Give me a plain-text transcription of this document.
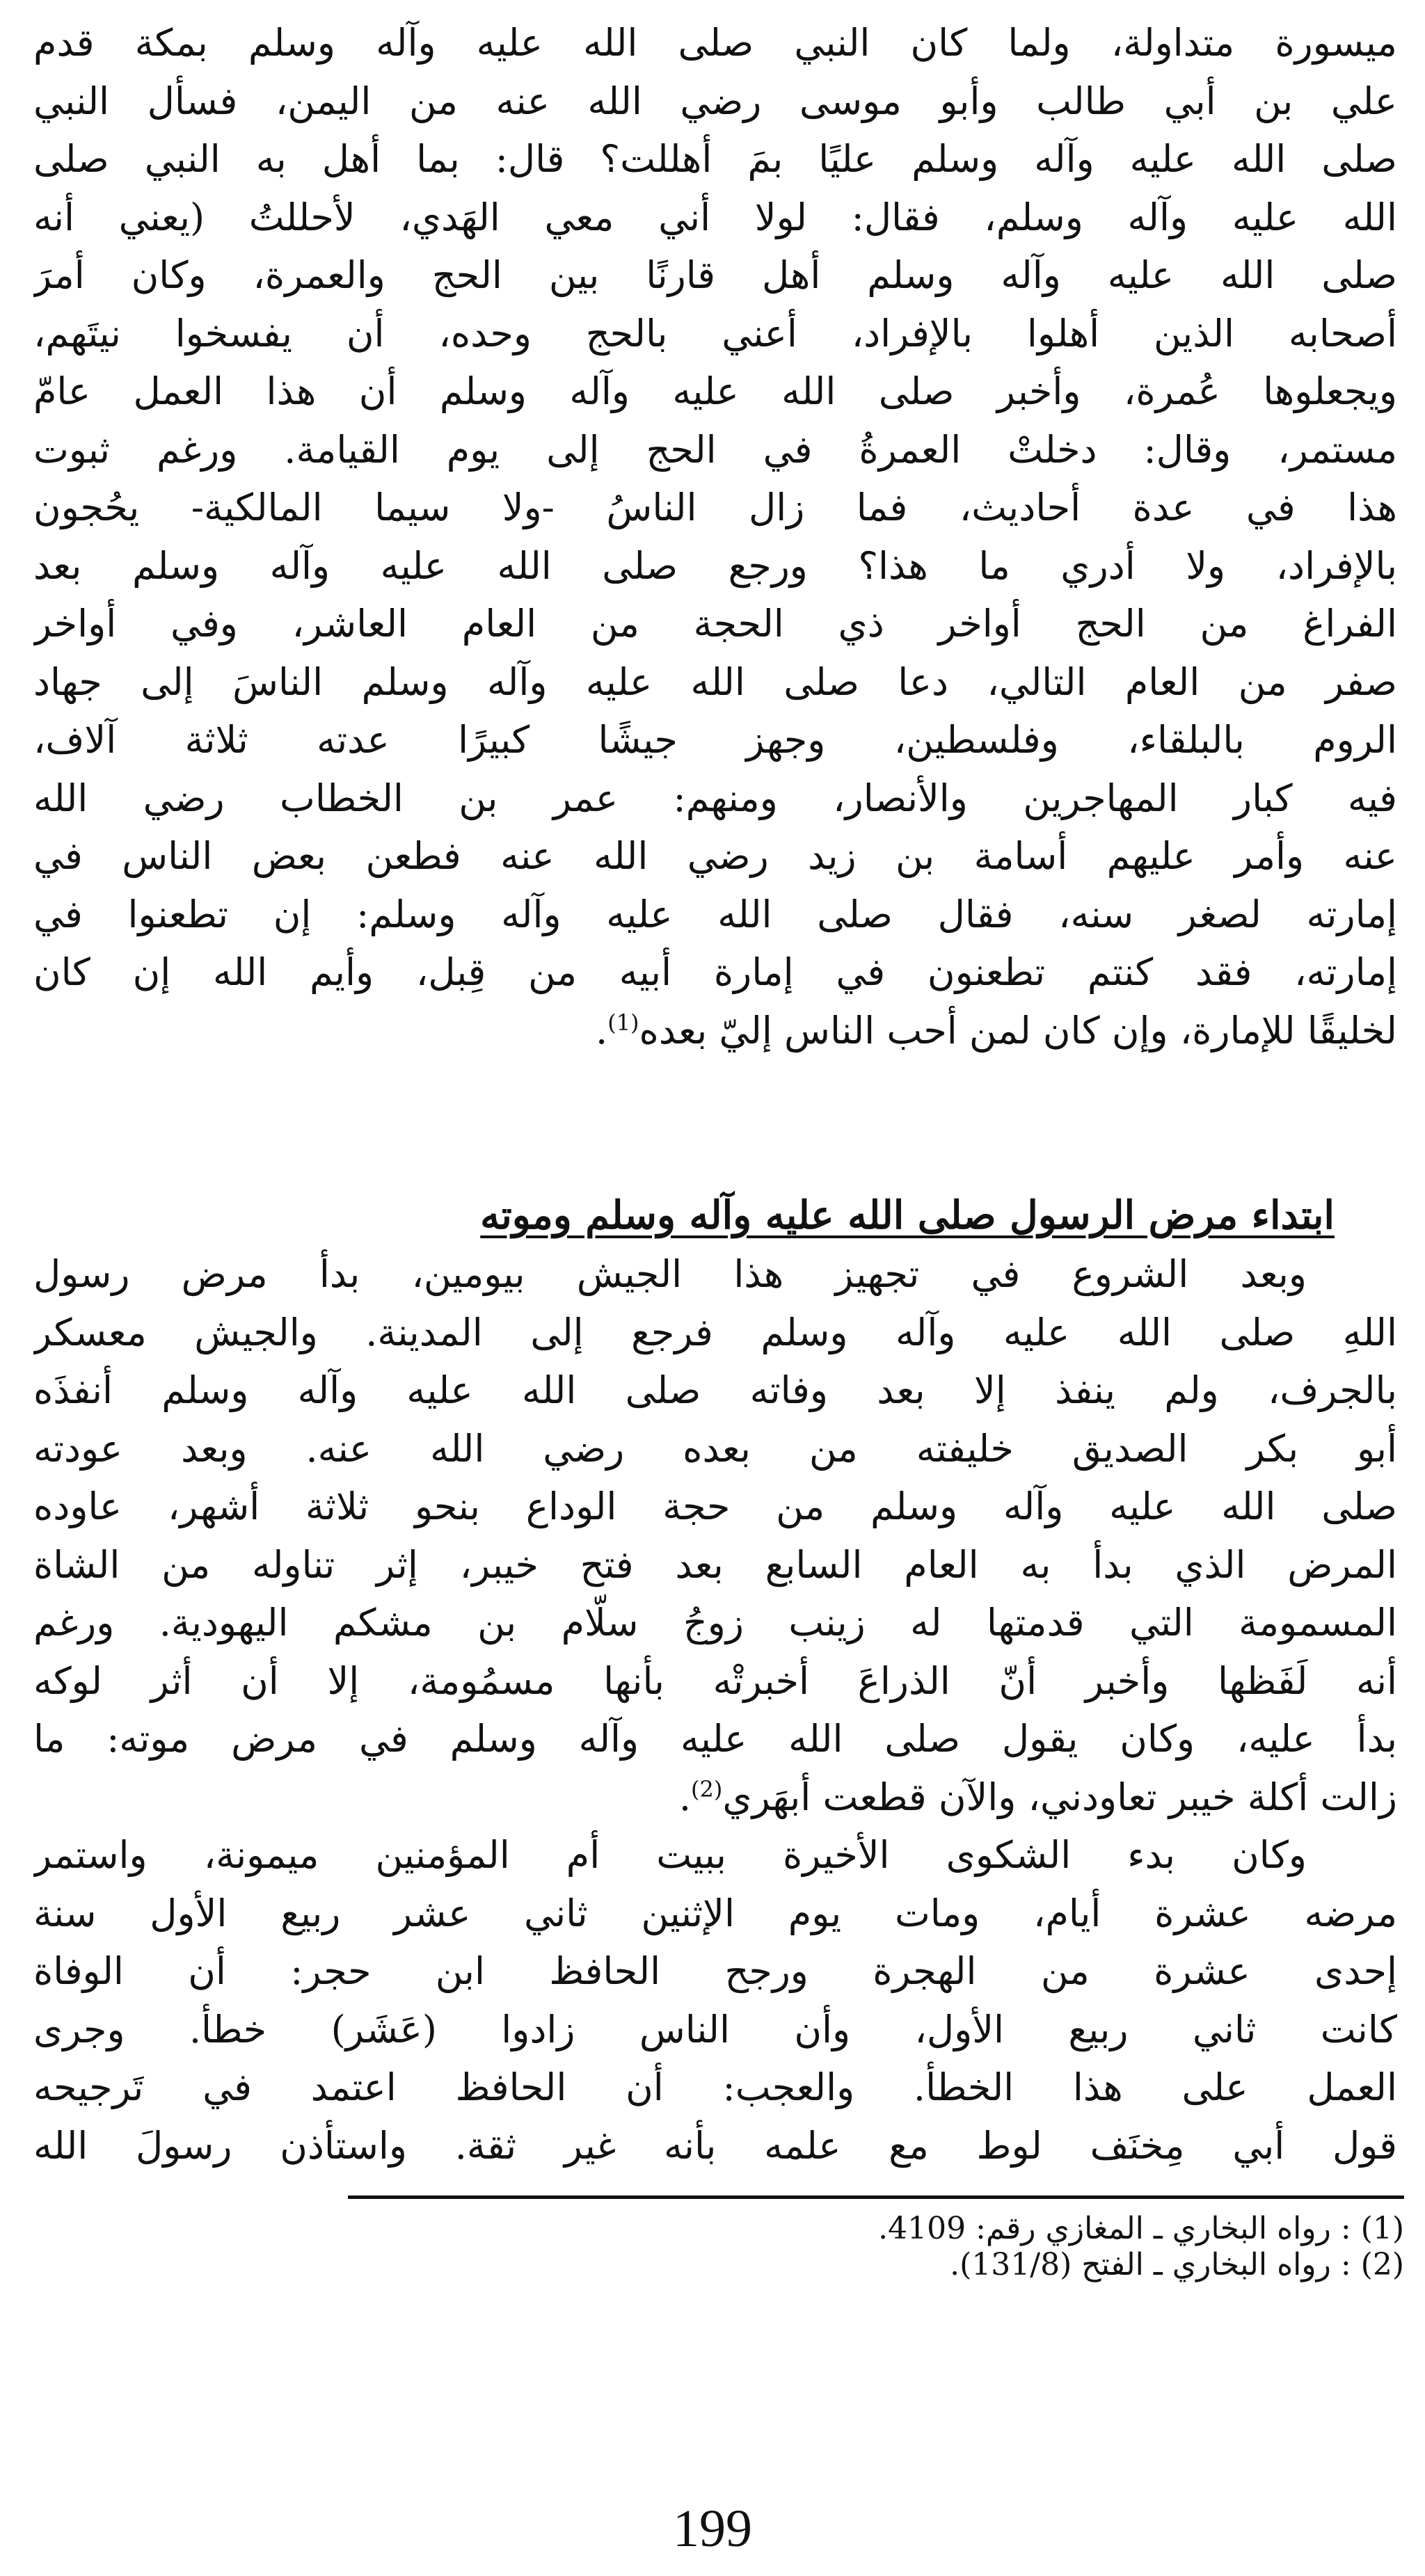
ميسورة متداولة، ولما كان النبي صلى الله عليه وآله وسلم بمكة قدم
علي بن أبي طالب وأبو موسى رضي الله عنه من اليمن، فسأل النبي
صلى الله عليه وآله وسلم عليًا بمَ أهللت؟ قال: بما أهل به النبي صلى
الله عليه وآله وسلم، فقال: لولا أني معي الهَدي، لأحللتُ (يعني أنه
صلى الله عليه وآله وسلم أهل قارنًا بين الحج والعمرة، وكان أمرَ
أصحابه الذين أهلوا بالإفراد، أعني بالحج وحده، أن يفسخوا نيتَهم،
ويجعلوها عُمرة، وأخبر صلى الله عليه وآله وسلم أن هذا العمل عامّ
مستمر، وقال: دخلتْ العمرةُ في الحج إلى يوم القيامة. ورغم ثبوت
هذا في عدة أحاديث، فما زال الناسُ -ولا سيما المالكية- يحُجون
بالإفراد، ولا أدري ما هذا؟ ورجع صلى الله عليه وآله وسلم بعد
الفراغ من الحج أواخر ذي الحجة من العام العاشر، وفي أواخر
صفر من العام التالي، دعا صلى الله عليه وآله وسلم الناسَ إلى جهاد
الروم بالبلقاء، وفلسطين، وجهز جيشًا كبيرًا عدته ثلاثة آلاف،
فيه كبار المهاجرين والأنصار، ومنهم: عمر بن الخطاب رضي الله
عنه وأمر عليهم أسامة بن زيد رضي الله عنه فطعن بعض الناس في
إمارته لصغر سنه، فقال صلى الله عليه وآله وسلم: إن تطعنوا في
إمارته، فقد كنتم تطعنون في إمارة أبيه من قِبل، وأيم الله إن كان
لخليقًا للإمارة، وإن كان لمن أحب الناس إليّ بعده$^{(1)}$.
ابتداء مرض الرسول صلى الله عليه وآله وسلم وموته
وبعد الشروع في تجهيز هذا الجيش بيومين، بدأ مرض رسول
اللهِ صلى الله عليه وآله وسلم فرجع إلى المدينة. والجيش معسكر
بالجرف، ولم ينفذ إلا بعد وفاته صلى الله عليه وآله وسلم أنفذَه
أبو بكر الصديق خليفته من بعده رضي الله عنه. وبعد عودته
صلى الله عليه وآله وسلم من حجة الوداع بنحو ثلاثة أشهر، عاوده
المرض الذي بدأ به العام السابع بعد فتح خيبر، إثر تناوله من الشاة
المسمومة التي قدمتها له زينب زوجُ سلّام بن مشكم اليهودية. ورغم
أنه لَفَظها وأخبر أنّ الذراعَ أخبرتْه بأنها مسمُومة، إلا أن أثر لوكه
بدأ عليه، وكان يقول صلى الله عليه وآله وسلم في مرض موته: ما
زالت أكلة خيبر تعاودني، والآن قطعت أبهَري$^{(2)}$.
وكان بدء الشكوى الأخيرة ببيت أم المؤمنين ميمونة، واستمر
مرضه عشرة أيام، ومات يوم الإثنين ثاني عشر ربيع الأول سنة
إحدى عشرة من الهجرة ورجح الحافظ ابن حجر: أن الوفاة
كانت ثاني ربيع الأول، وأن الناس زادوا (عَشَر) خطأ. وجرى
العمل على هذا الخطأ. والعجب: أن الحافظ اعتمد في تَرجيحه
قول أبي مِخنَف لوط مع علمه بأنه غير ثقة. واستأذن رسولَ الله
(1) : رواه البخاري ـ المغازي رقم: 4109.
(2) : رواه البخاري ـ الفتح (131/8).
199
